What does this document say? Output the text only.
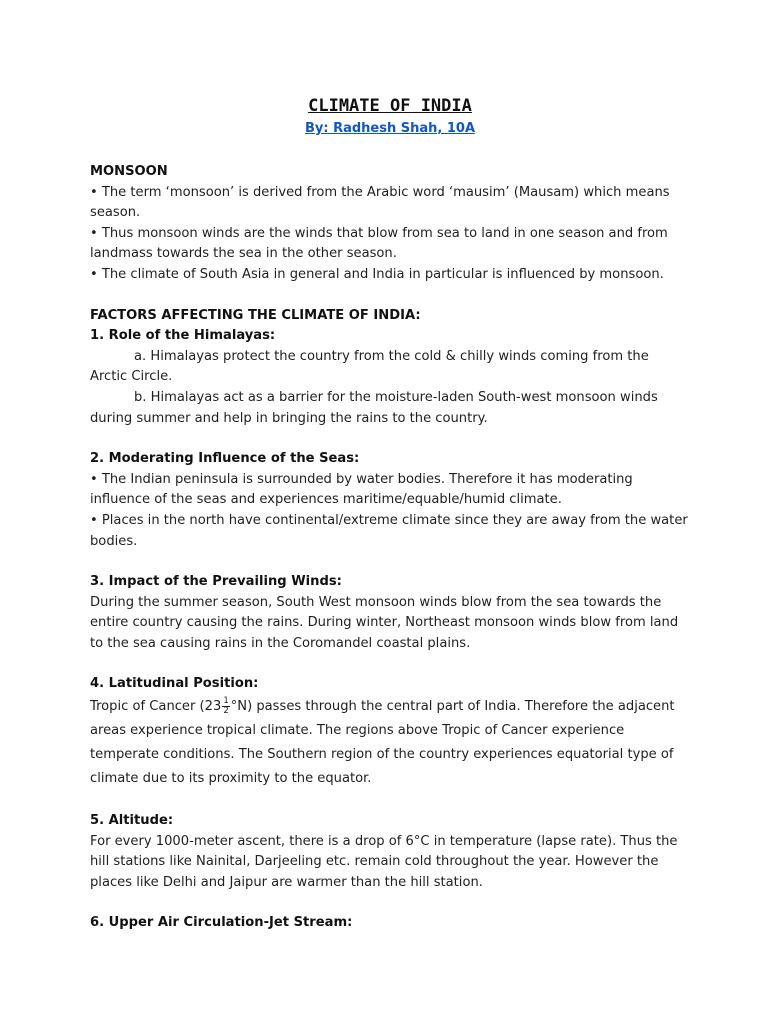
CLIMATE OF INDIA

By: Radhesh Shah, 10A

MONSOON

• The term ‘monsoon’ is derived from the Arabic word ‘mausim’ (Mausam) which means season.

• Thus monsoon winds are the winds that blow from sea to land in one season and from landmass towards the sea in the other season.

• The climate of South Asia in general and India in particular is influenced by monsoon.

FACTORS AFFECTING THE CLIMATE OF INDIA:

1. Role of the Himalayas:

a. Himalayas protect the country from the cold & chilly winds coming from the Arctic Circle.

b. Himalayas act as a barrier for the moisture-laden South-west monsoon winds during summer and help in bringing the rains to the country.

2. Moderating Influence of the Seas:

• The Indian peninsula is surrounded by water bodies. Therefore it has moderating influence of the seas and experiences maritime/equable/humid climate.

• Places in the north have continental/extreme climate since they are away from the water bodies.

3. Impact of the Prevailing Winds:

During the summer season, South West monsoon winds blow from the sea towards the entire country causing the rains. During winter, Northeast monsoon winds blow from land to the sea causing rains in the Coromandel coastal plains.

4. Latitudinal Position:

Tropic of Cancer $(23 \frac{1}{2} ^\circ N)$ passes through the central part of India. Therefore the adjacent areas experience tropical climate. The regions above Tropic of Cancer experience temperate conditions. The Southern region of the country experiences equatorial type of climate due to its proximity to the equator.

5. Altitude:

For every 1000-meter ascent, there is a drop of 6°C in temperature (lapse rate). Thus the hill stations like Nainital, Darjeeling etc. remain cold throughout the year. However the places like Delhi and Jaipur are warmer than the hill station.

6. Upper Air Circulation-Jet Stream:
